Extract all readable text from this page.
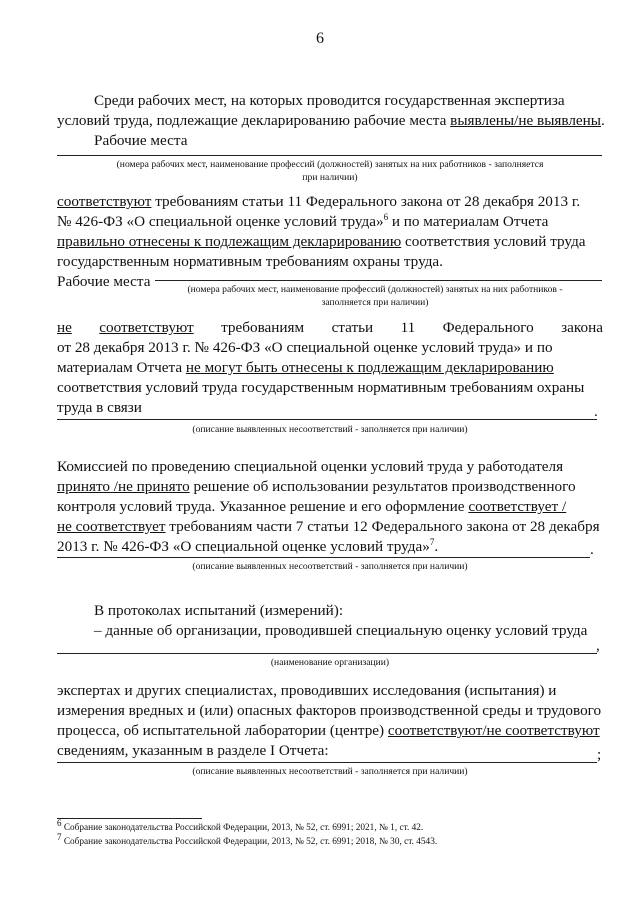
6
Среди рабочих мест, на которых проводится государственная экспертиза
условий труда, подлежащие декларированию рабочие места выявлены/не выявлены.
Рабочие места
(номера рабочих мест, наименование профессий (должностей) занятых на них работников - заполняется
при наличии)
соответствуют требованиям статьи 11 Федерального закона от 28 декабря 2013 г.
№ 426-ФЗ «О специальной оценке условий труда»$^6$ и по материалам Отчета
правильно отнесены к подлежащим декларированию соответствия условий труда
государственным нормативным требованиям охраны труда.
Рабочие места	(номера рабочих мест, наименование профессий (должностей) занятых на них работников -
заполняется при наличии)
не соответствуют требованиям статьи 11 Федерального закона
от 28 декабря 2013 г. № 426-ФЗ «О специальной оценке условий труда» и по
материалам Отчета не могут быть отнесены к подлежащим декларированию
соответствия условий труда государственным нормативным требованиям охраны
труда в связи	.
(описание выявленных несоответствий - заполняется при наличии)
Комиссией по проведению специальной оценки условий труда у работодателя
принято /не принято решение об использовании результатов производственного
контроля условий труда. Указанное решение и его оформление соответствует /
не соответствует требованиям части 7 статьи 12 Федерального закона от 28 декабря
2013 г. № 426-ФЗ «О специальной оценке условий труда»$^7$.	.
(описание выявленных несоответствий - заполняется при наличии)
В протоколах испытаний (измерений):
– данные об организации, проводившей специальную оценку условий труда
,
(наименование организации)
экспертах и других специалистах, проводивших исследования (испытания) и
измерения вредных и (или) опасных факторов производственной среды и трудового
процесса, об испытательной лаборатории (центре) соответствуют/не соответствуют
сведениям, указанным в разделе I Отчета:	;
(описание выявленных несоответствий - заполняется при наличии)
$^6$ Собрание законодательства Российской Федерации, 2013, № 52, ст. 6991; 2021, № 1, ст. 42.
$^7$ Собрание законодательства Российской Федерации, 2013, № 52, ст. 6991; 2018, № 30, ст. 4543.
